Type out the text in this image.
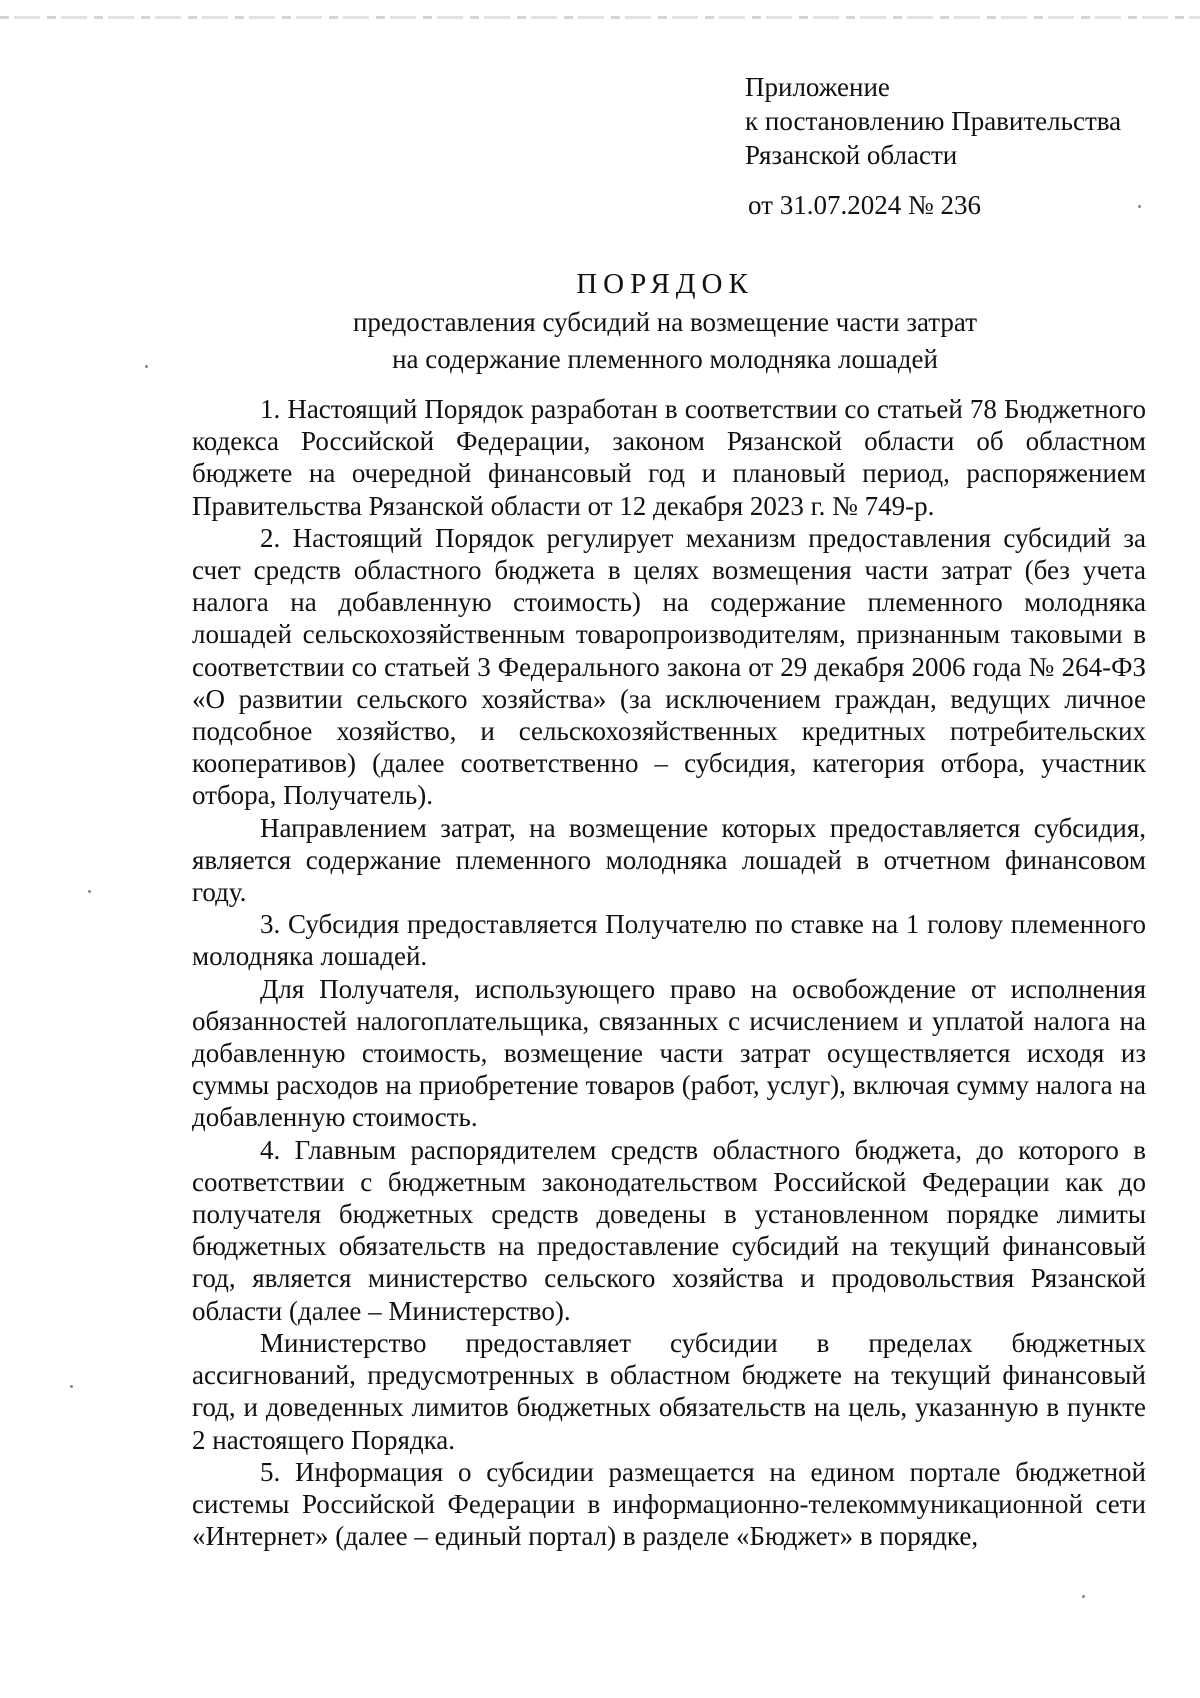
Приложение
к постановлению Правительства
Рязанской области
от 31.07.2024 № 236
ПОРЯДОК
предоставления субсидий на возмещение части затрат
на содержание племенного молодняка лошадей

1. Настоящий Порядок разработан в соответствии со статьей 78 Бюджетного кодекса Российской Федерации, законом Рязанской области об областном бюджете на очередной финансовый год и плановый период, распоряжением Правительства Рязанской области от 12 декабря 2023 г. № 749-р.

2. Настоящий Порядок регулирует механизм предоставления субсидий за счет средств областного бюджета в целях возмещения части затрат (без учета налога на добавленную стоимость) на содержание племенного молодняка лошадей сельскохозяйственным товаропроизводителям, признанным таковыми в соответствии со статьей 3 Федерального закона от 29 декабря 2006 года № 264-ФЗ «О развитии сельского хозяйства» (за исключением граждан, ведущих личное подсобное хозяйство, и сельскохозяйственных кредитных потребительских кооперативов) (далее соответственно – субсидия, категория отбора, участник отбора, Получатель).

Направлением затрат, на возмещение которых предоставляется субсидия, является содержание племенного молодняка лошадей в отчетном финансовом году.

3. Субсидия предоставляется Получателю по ставке на 1 голову племенного молодняка лошадей.

Для Получателя, использующего право на освобождение от исполнения обязанностей налогоплательщика, связанных с исчислением и уплатой налога на добавленную стоимость, возмещение части затрат осуществляется исходя из суммы расходов на приобретение товаров (работ, услуг), включая сумму налога на добавленную стоимость.

4. Главным распорядителем средств областного бюджета, до которого в соответствии с бюджетным законодательством Российской Федерации как до получателя бюджетных средств доведены в установленном порядке лимиты бюджетных обязательств на предоставление субсидий на текущий финансовый год, является министерство сельского хозяйства и продовольствия Рязанской области (далее – Министерство).

Министерство предоставляет субсидии в пределах бюджетных ассигнований, предусмотренных в областном бюджете на текущий финансовый год, и доведенных лимитов бюджетных обязательств на цель, указанную в пункте 2 настоящего Порядка.

5. Информация о субсидии размещается на едином портале бюджетной системы Российской Федерации в информационно-телекоммуникационной сети «Интернет» (далее – единый портал) в разделе «Бюджет» в порядке,
